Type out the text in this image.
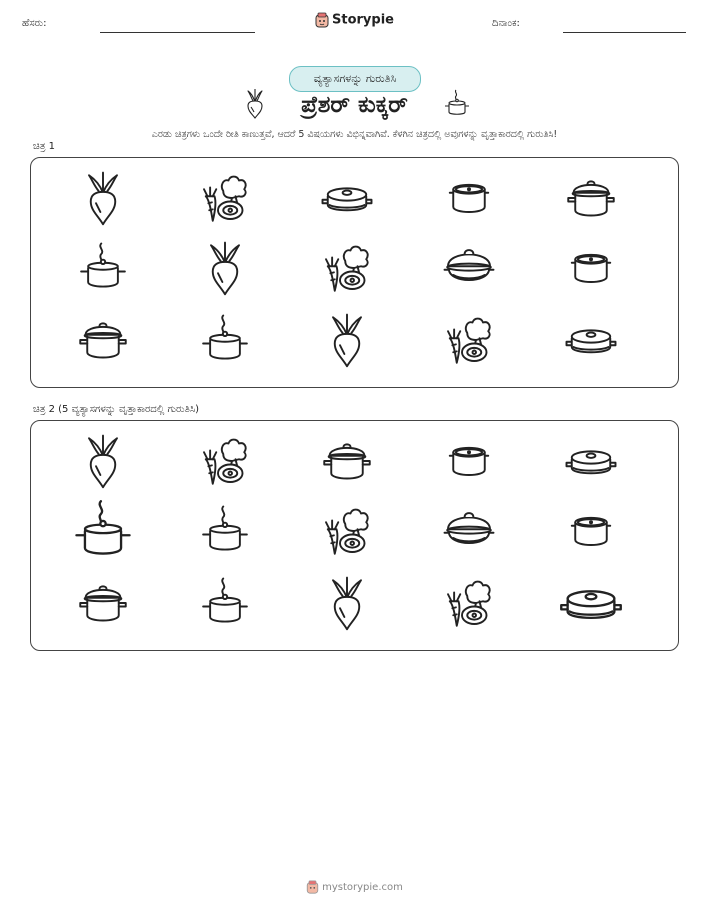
ಹೆಸರು:	Storypie	ದಿನಾಂಕ:
ವ್ಯತ್ಯಾಸಗಳನ್ನು ಗುರುತಿಸಿ
ಪ್ರೆಶರ್ ಕುಕ್ಕರ್
ಎರಡು ಚಿತ್ರಗಳು ಒಂದೇ ರೀತಿ ಕಾಣುತ್ತವೆ, ಆದರೆ 5 ವಿಷಯಗಳು ವಿಭಿನ್ನವಾಗಿವೆ. ಕೆಳಗಿನ ಚಿತ್ರದಲ್ಲಿ ಅವುಗಳನ್ನು ವೃತ್ತಾಕಾರದಲ್ಲಿ ಗುರುತಿಸಿ!
ಚಿತ್ರ 1
ಚಿತ್ರ 2 (5 ವ್ಯತ್ಯಾಸಗಳನ್ನು ವೃತ್ತಾಕಾರದಲ್ಲಿ ಗುರುತಿಸಿ)
mystorypie.com
